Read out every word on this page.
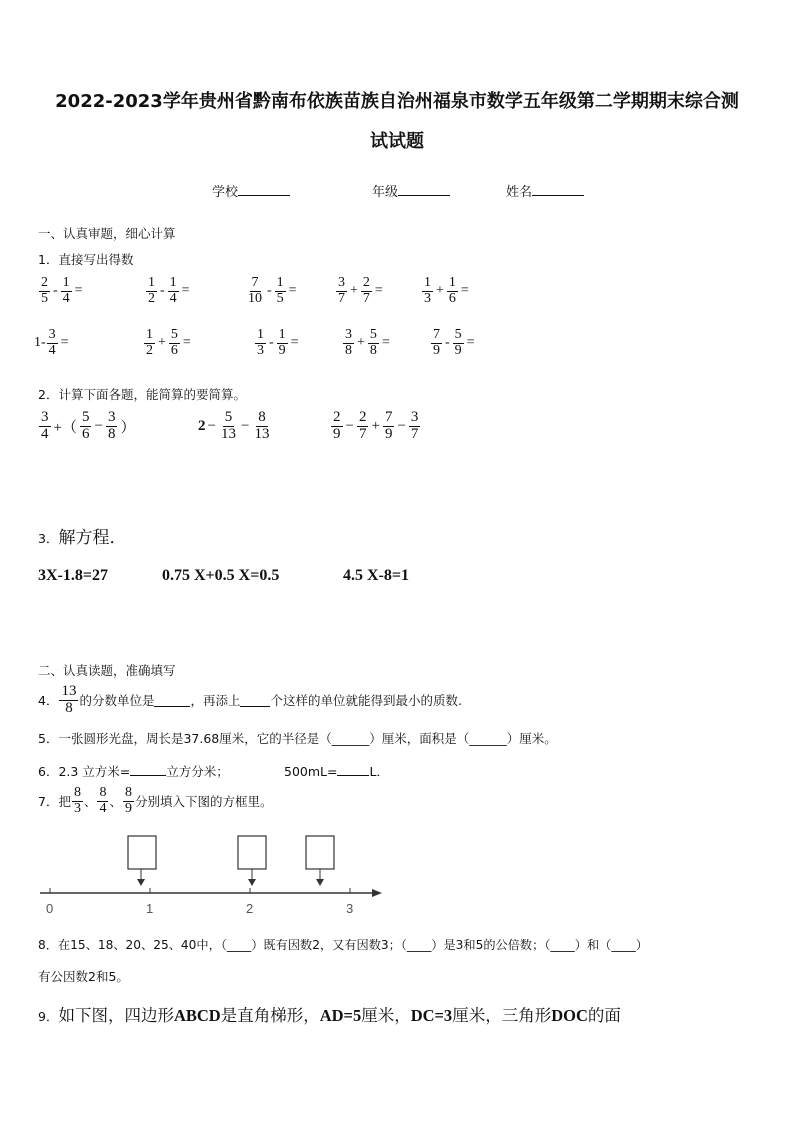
2022-2023学年贵州省黔南布依族苗族自治州福泉市数学五年级第二学期期末综合测
试试题
学校	年级	姓名
一、认真审题，细心计算
1．直接写出得数
$\frac{2}{5} - \frac{1}{4}$ =	$\frac{1}{2} - \frac{1}{4}$ =	$\frac{7}{10} - \frac{1}{5}$ =	$\frac{3}{7} + \frac{2}{7}$ =	$\frac{1}{3} + \frac{1}{6}$ =
$1- \frac{3}{4}$ =	$\frac{1}{2} + \frac{5}{6}$ =	$\frac{1}{3} - \frac{1}{9}$ =	$\frac{3}{8} + \frac{5}{8}$ =	$\frac{7}{9} - \frac{5}{9}$ =
2．计算下面各题，能简算的要简算。
$\frac{3}{4}$ +（ $\frac{5}{6} - \frac{3}{8}$ ）	$2 - \frac{5}{13} - \frac{8}{13}$	$\frac{2}{9} - \frac{2}{7} + \frac{7}{9} - \frac{3}{7}$
3．解方程．
3X-1.8=27	0.75 X+0.5 X=0.5	4.5 X-8=1
二、认真读题，准确填写
4． $\frac{13}{8}$ 的分数单位是	，再添上 个这样的单位就能得到最小的质数.
5．一张圆形光盘，周长是37.68厘米，它的半径是（______）厘米，面积是（______）厘米。
6．2.3 立方米=	立方分米；	500mL=	L．
7．把 $\frac{8}{3}$ 、 $\frac{8}{4}$ 、 $\frac{8}{9}$ 分别填入下图的方框里。
0	1	2	3
8．在15、18、20、25、40中，（____）既有因数2，又有因数3；（____）是3和5的公倍数；（____）和（____）
有公因数2和5。
9．如下图，四边形ABCD是直角梯形，AD=5厘米，DC=3厘米，三角形DOC的面
